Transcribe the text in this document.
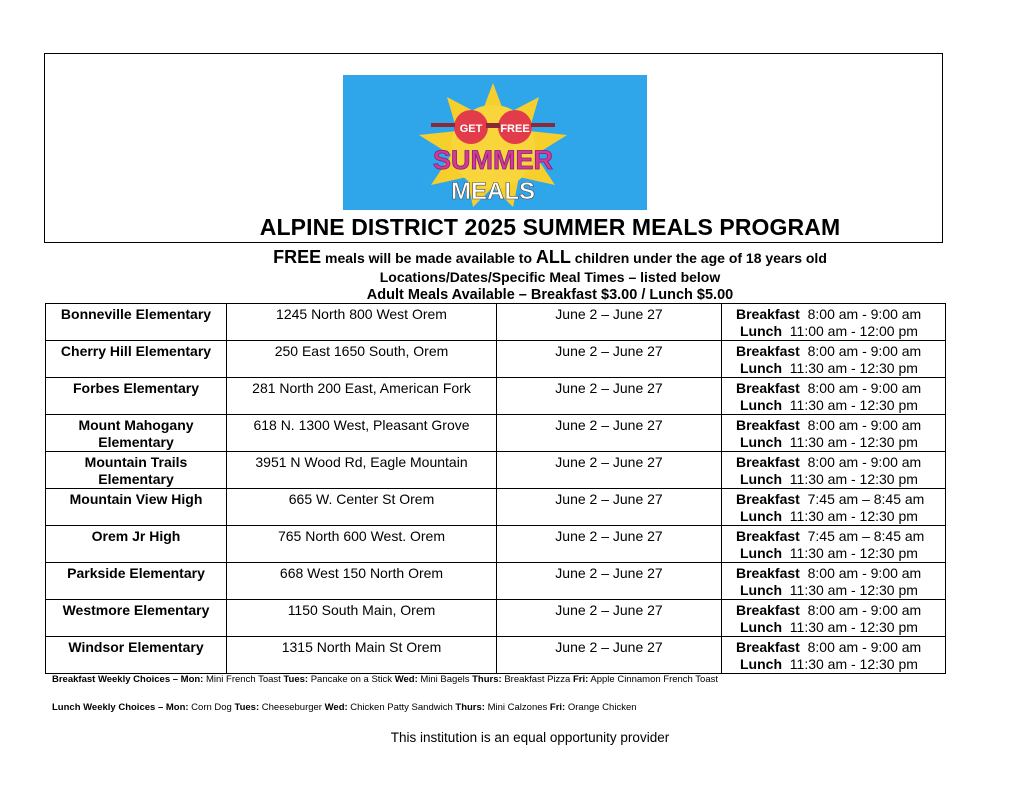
GET FREE
SUMMER
MEALS
ALPINE DISTRICT 2025 SUMMER MEALS PROGRAM
FREE meals will be made available to ALL children under the age of 18 years old
Locations/Dates/Specific Meal Times – listed below
Adult Meals Available – Breakfast $3.00 / Lunch $5.00
Bonneville Elementary	1245 North 800 West Orem	June 2 – June 27	Breakfast 8:00 am - 9:00 am
Lunch 11:00 am - 12:00 pm

Cherry Hill Elementary	250 East 1650 South, Orem	June 2 – June 27	Breakfast 8:00 am - 9:00 am
Lunch 11:30 am - 12:30 pm

Forbes Elementary	281 North 200 East, American Fork	June 2 – June 27	Breakfast 8:00 am - 9:00 am
Lunch 11:30 am - 12:30 pm

Mount Mahogany Elementary	618 N. 1300 West, Pleasant Grove	June 2 – June 27	Breakfast 8:00 am - 9:00 am
Lunch 11:30 am - 12:30 pm

Mountain Trails Elementary	3951 N Wood Rd, Eagle Mountain	June 2 – June 27	Breakfast 8:00 am - 9:00 am
Lunch 11:30 am - 12:30 pm

Mountain View High	665 W. Center St Orem	June 2 – June 27	Breakfast 7:45 am – 8:45 am
Lunch 11:30 am - 12:30 pm

Orem Jr High	765 North 600 West. Orem	June 2 – June 27	Breakfast 7:45 am – 8:45 am
Lunch 11:30 am - 12:30 pm

Parkside Elementary	668 West 150 North Orem	June 2 – June 27	Breakfast 8:00 am - 9:00 am
Lunch 11:30 am - 12:30 pm

Westmore Elementary	1150 South Main, Orem	June 2 – June 27	Breakfast 8:00 am - 9:00 am
Lunch 11:30 am - 12:30 pm

Windsor Elementary	1315 North Main St Orem	June 2 – June 27	Breakfast 8:00 am - 9:00 am
Lunch 11:30 am - 12:30 pm
Breakfast Weekly Choices – Mon: Mini French Toast Tues: Pancake on a Stick Wed: Mini Bagels Thurs: Breakfast Pizza Fri: Apple Cinnamon French Toast
Lunch Weekly Choices – Mon: Corn Dog Tues: Cheeseburger Wed: Chicken Patty Sandwich Thurs: Mini Calzones Fri: Orange Chicken
This institution is an equal opportunity provider
